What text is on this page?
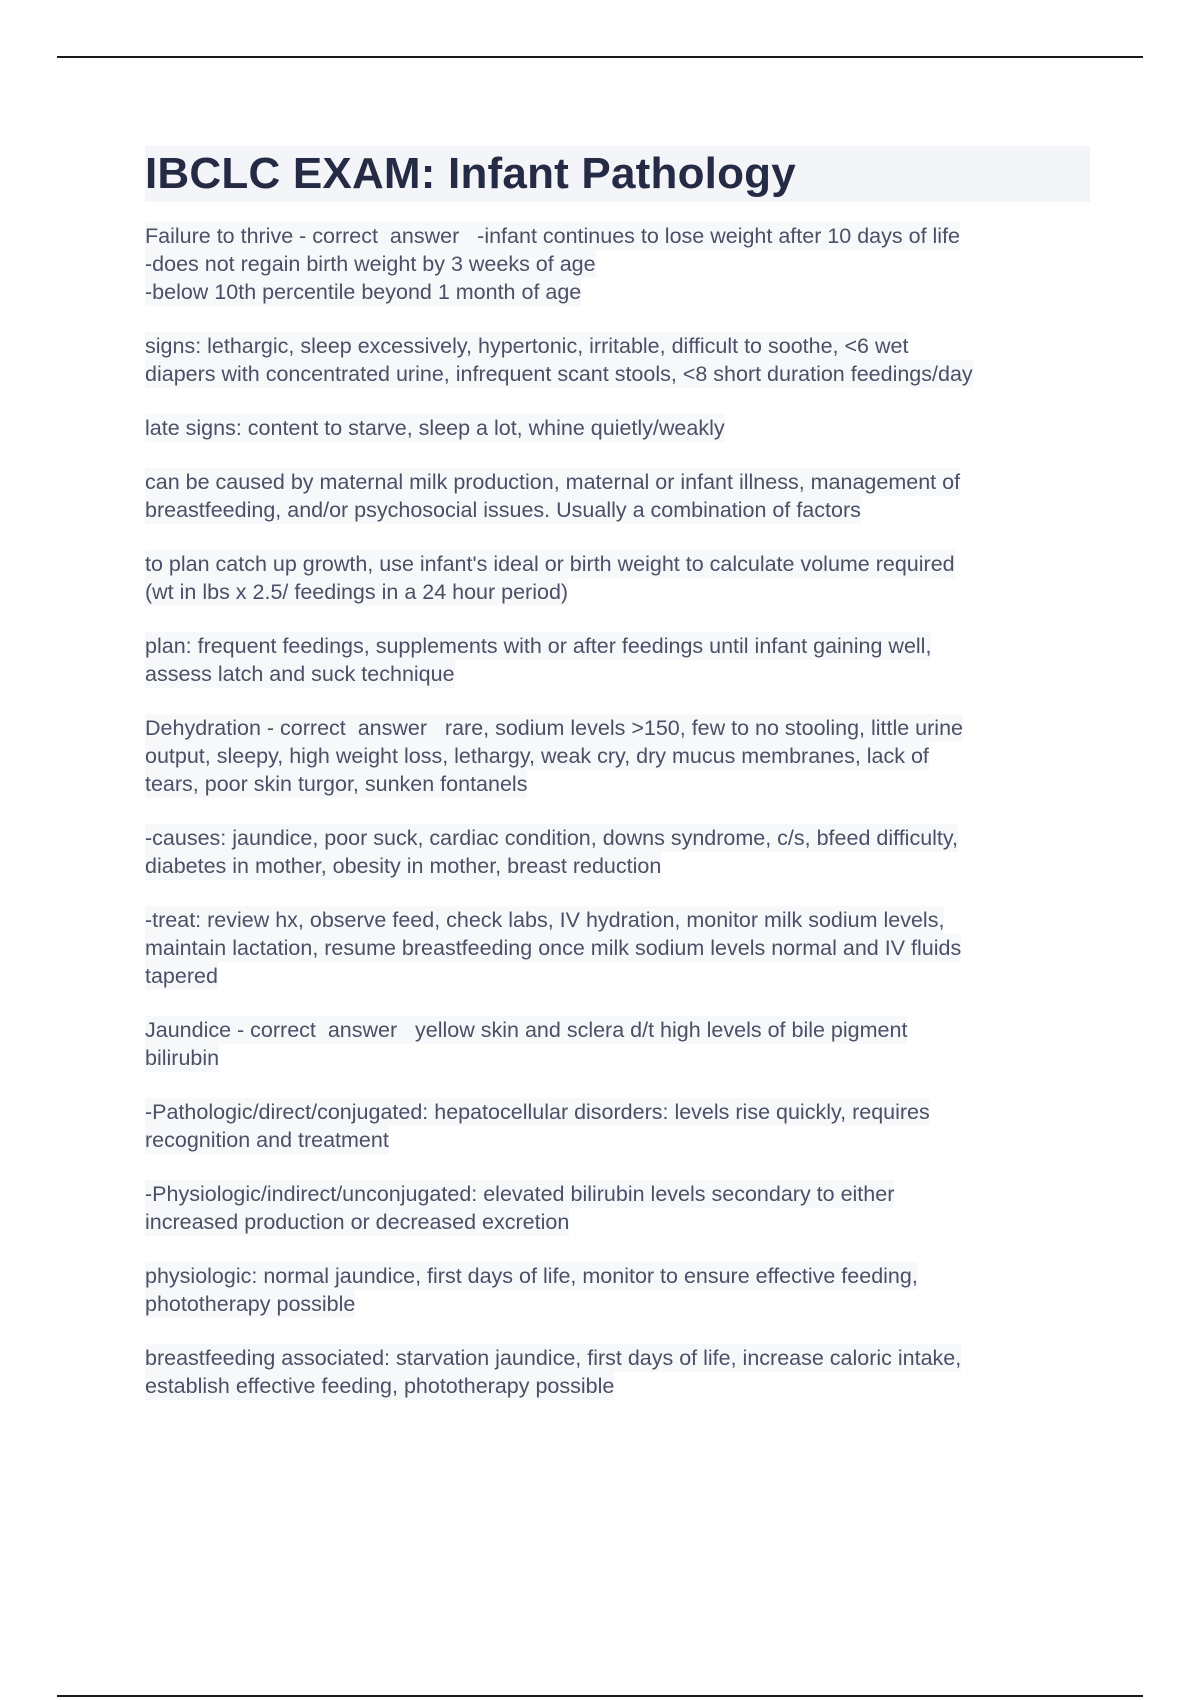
IBCLC EXAM: Infant Pathology
Failure to thrive - correct  answer   -infant continues to lose weight after 10 days of life
-does not regain birth weight by 3 weeks of age
-below 10th percentile beyond 1 month of age
signs: lethargic, sleep excessively, hypertonic, irritable, difficult to soothe, <6 wet
diapers with concentrated urine, infrequent scant stools, <8 short duration feedings/day
late signs: content to starve, sleep a lot, whine quietly/weakly
can be caused by maternal milk production, maternal or infant illness, management of
breastfeeding, and/or psychosocial issues. Usually a combination of factors
to plan catch up growth, use infant's ideal or birth weight to calculate volume required
(wt in lbs x 2.5/ feedings in a 24 hour period)
plan: frequent feedings, supplements with or after feedings until infant gaining well,
assess latch and suck technique
Dehydration - correct  answer   rare, sodium levels >150, few to no stooling, little urine
output, sleepy, high weight loss, lethargy, weak cry, dry mucus membranes, lack of
tears, poor skin turgor, sunken fontanels
-causes: jaundice, poor suck, cardiac condition, downs syndrome, c/s, bfeed difficulty,
diabetes in mother, obesity in mother, breast reduction
-treat: review hx, observe feed, check labs, IV hydration, monitor milk sodium levels,
maintain lactation, resume breastfeeding once milk sodium levels normal and IV fluids
tapered
Jaundice - correct  answer   yellow skin and sclera d/t high levels of bile pigment
bilirubin
-Pathologic/direct/conjugated: hepatocellular disorders: levels rise quickly, requires
recognition and treatment
-Physiologic/indirect/unconjugated: elevated bilirubin levels secondary to either
increased production or decreased excretion
physiologic: normal jaundice, first days of life, monitor to ensure effective feeding,
phototherapy possible
breastfeeding associated: starvation jaundice, first days of life, increase caloric intake,
establish effective feeding, phototherapy possible
